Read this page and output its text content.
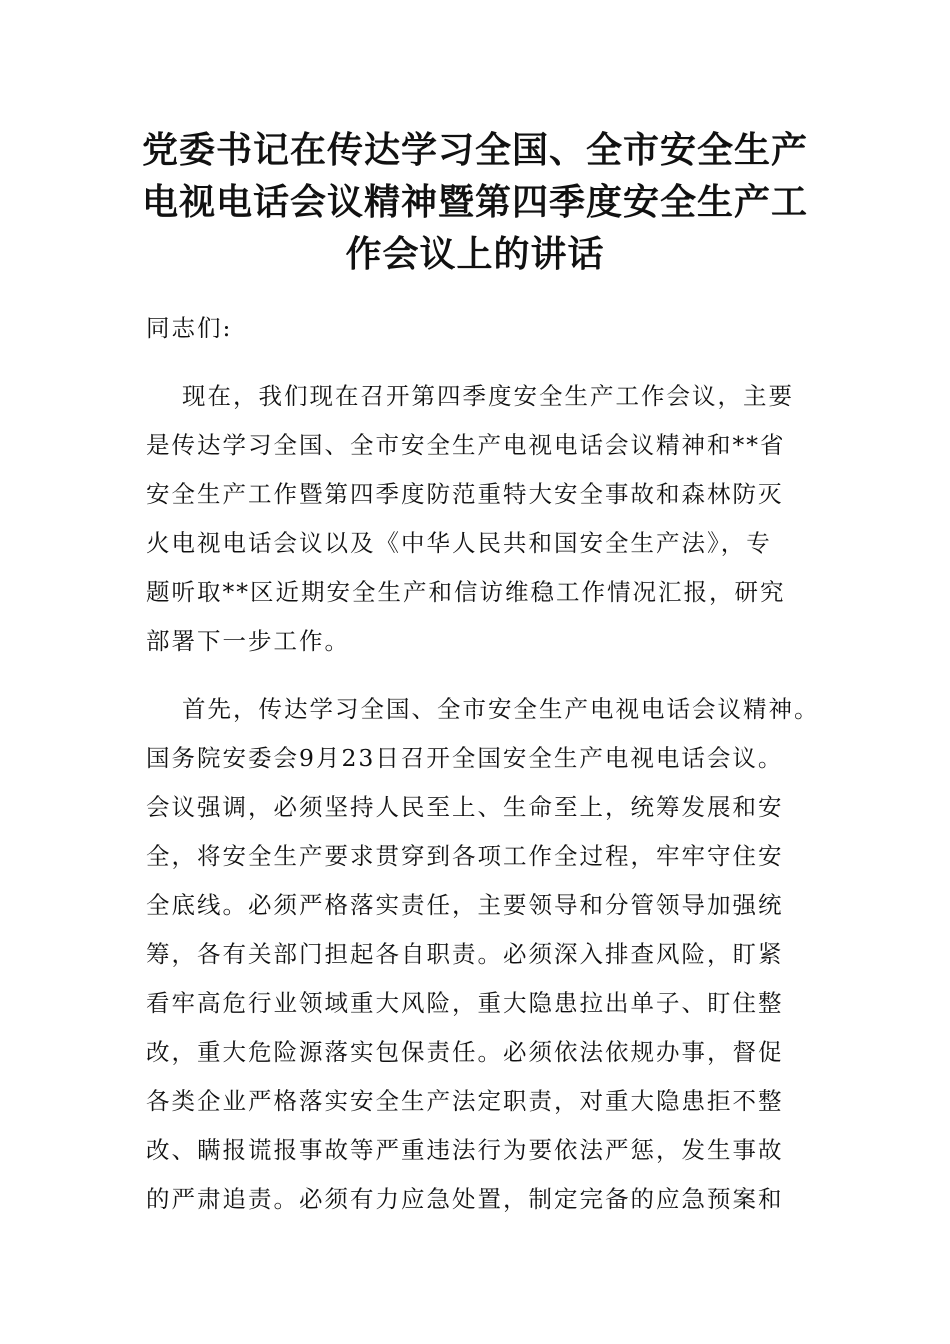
党委书记在传达学习全国、全市安全生产
电视电话会议精神暨第四季度安全生产工
作会议上的讲话
同志们:
现在，我们现在召开第四季度安全生产工作会议，主要
是传达学习全国、全市安全生产电视电话会议精神和**省
安全生产工作暨第四季度防范重特大安全事故和森林防灭
火电视电话会议以及《中华人民共和国安全生产法》，专
题听取**区近期安全生产和信访维稳工作情况汇报，研究
部署下一步工作。
首先，传达学习全国、全市安全生产电视电话会议精神。
国务院安委会9月23日召开全国安全生产电视电话会议。
会议强调，必须坚持人民至上、生命至上，统筹发展和安
全，将安全生产要求贯穿到各项工作全过程，牢牢守住安
全底线。必须严格落实责任，主要领导和分管领导加强统
筹，各有关部门担起各自职责。必须深入排查风险，盯紧
看牢高危行业领域重大风险，重大隐患拉出单子、盯住整
改，重大危险源落实包保责任。必须依法依规办事，督促
各类企业严格落实安全生产法定职责，对重大隐患拒不整
改、瞒报谎报事故等严重违法行为要依法严惩，发生事故
的严肃追责。必须有力应急处置，制定完备的应急预案和
